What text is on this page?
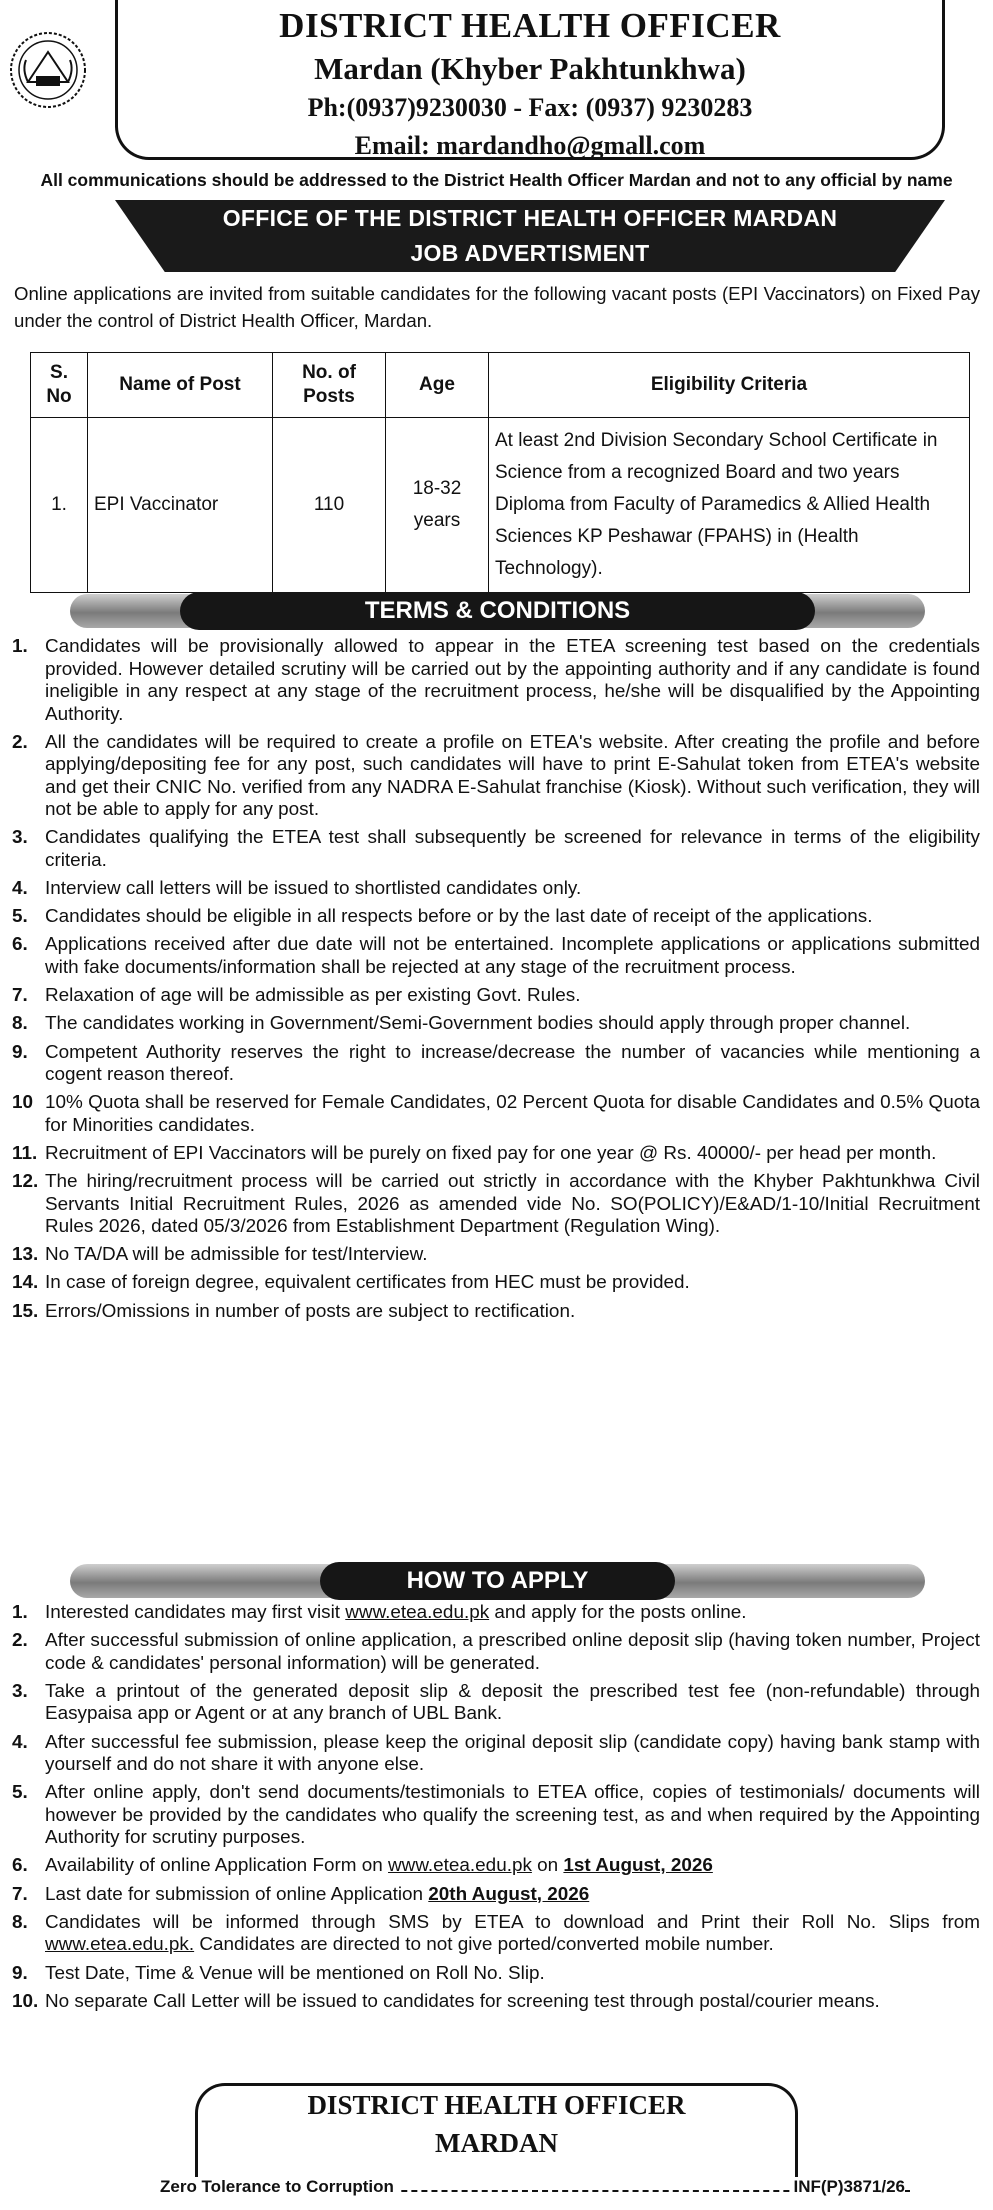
DISTRICT HEALTH OFFICER
Mardan (Khyber Pakhtunkhwa)
Ph:(0937)9230030 - Fax: (0937) 9230283
Email: mardandho@gmall.com
All communications should be addressed to the District Health Officer Mardan and not to any official by name
OFFICE OF THE DISTRICT HEALTH OFFICER MARDAN
JOB ADVERTISMENT
Online applications are invited from suitable candidates for the following vacant posts (EPI Vaccinators) on Fixed Pay under the control of District Health Officer, Mardan.
S. No	Name of Post	No. of Posts	Age	Eligibility Criteria
1.	EPI Vaccinator	110	18-32 years	At least 2nd Division Secondary School Certificate in Science from a recognized Board and two years Diploma from Faculty of Paramedics & Allied Health Sciences KP Peshawar (FPAHS) in (Health Technology).
TERMS & CONDITIONS
1. Candidates will be provisionally allowed to appear in the ETEA screening test based on the credentials provided. However detailed scrutiny will be carried out by the appointing authority and if any candidate is found ineligible in any respect at any stage of the recruitment process, he/she will be disqualified by the Appointing Authority.
2. All the candidates will be required to create a profile on ETEA's website. After creating the profile and before applying/depositing fee for any post, such candidates will have to print E-Sahulat token from ETEA's website and get their CNIC No. verified from any NADRA E-Sahulat franchise (Kiosk). Without such verification, they will not be able to apply for any post.
3. Candidates qualifying the ETEA test shall subsequently be screened for relevance in terms of the eligibility criteria.
4. Interview call letters will be issued to shortlisted candidates only.
5. Candidates should be eligible in all respects before or by the last date of receipt of the applications.
6. Applications received after due date will not be entertained. Incomplete applications or applications submitted with fake documents/information shall be rejected at any stage of the recruitment process.
7. Relaxation of age will be admissible as per existing Govt. Rules.
8. The candidates working in Government/Semi-Government bodies should apply through proper channel.
9. Competent Authority reserves the right to increase/decrease the number of vacancies while mentioning a cogent reason thereof.
10 10% Quota shall be reserved for Female Candidates, 02 Percent Quota for disable Candidates and 0.5% Quota for Minorities candidates.
11. Recruitment of EPI Vaccinators will be purely on fixed pay for one year @ Rs. 40000/- per head per month.
12. The hiring/recruitment process will be carried out strictly in accordance with the Khyber Pakhtunkhwa Civil Servants Initial Recruitment Rules, 2026 as amended vide No. SO(POLICY)/E&AD/1-10/Initial Recruitment Rules 2026, dated 05/3/2026 from Establishment Department (Regulation Wing).
13. No TA/DA will be admissible for test/Interview.
14. In case of foreign degree, equivalent certificates from HEC must be provided.
15. Errors/Omissions in number of posts are subject to rectification.
HOW TO APPLY
1. Interested candidates may first visit www.etea.edu.pk and apply for the posts online.
2. After successful submission of online application, a prescribed online deposit slip (having token number, Project code & candidates' personal information) will be generated.
3. Take a printout of the generated deposit slip & deposit the prescribed test fee (non-refundable) through Easypaisa app or Agent or at any branch of UBL Bank.
4. After successful fee submission, please keep the original deposit slip (candidate copy) having bank stamp with yourself and do not share it with anyone else.
5. After online apply, don't send documents/testimonials to ETEA office, copies of testimonials/ documents will however be provided by the candidates who qualify the screening test, as and when required by the Appointing Authority for scrutiny purposes.
6. Availability of online Application Form on www.etea.edu.pk on 1st August, 2026
7. Last date for submission of online Application 20th August, 2026
8. Candidates will be informed through SMS by ETEA to download and Print their Roll No. Slips from www.etea.edu.pk. Candidates are directed to not give ported/converted mobile number.
9. Test Date, Time & Venue will be mentioned on Roll No. Slip.
10. No separate Call Letter will be issued to candidates for screening test through postal/courier means.
DISTRICT HEALTH OFFICER
MARDAN
Zero Tolerance to Corruption	INF(P)3871/26
